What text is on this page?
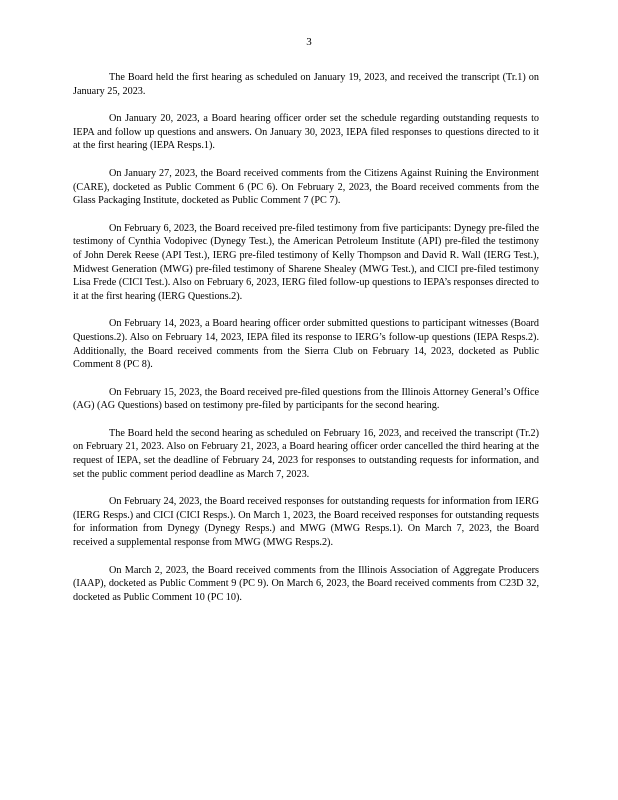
3

The Board held the first hearing as scheduled on January 19, 2023, and received the transcript (Tr.1) on January 25, 2023.

On January 20, 2023, a Board hearing officer order set the schedule regarding outstanding requests to IEPA and follow up questions and answers. On January 30, 2023, IEPA filed responses to questions directed to it at the first hearing (IEPA Resps.1).

On January 27, 2023, the Board received comments from the Citizens Against Ruining the Environment (CARE), docketed as Public Comment 6 (PC 6). On February 2, 2023, the Board received comments from the Glass Packaging Institute, docketed as Public Comment 7 (PC 7).

On February 6, 2023, the Board received pre-filed testimony from five participants: Dynegy pre-filed the testimony of Cynthia Vodopivec (Dynegy Test.), the American Petroleum Institute (API) pre-filed the testimony of John Derek Reese (API Test.), IERG pre-filed testimony of Kelly Thompson and David R. Wall (IERG Test.), Midwest Generation (MWG) pre-filed testimony of Sharene Shealey (MWG Test.), and CICI pre-filed testimony Lisa Frede (CICI Test.). Also on February 6, 2023, IERG filed follow-up questions to IEPA’s responses directed to it at the first hearing (IERG Questions.2).

On February 14, 2023, a Board hearing officer order submitted questions to participant witnesses (Board Questions.2). Also on February 14, 2023, IEPA filed its response to IERG’s follow-up questions (IEPA Resps.2). Additionally, the Board received comments from the Sierra Club on February 14, 2023, docketed as Public Comment 8 (PC 8).

On February 15, 2023, the Board received pre-filed questions from the Illinois Attorney General’s Office (AG) (AG Questions) based on testimony pre-filed by participants for the second hearing.

The Board held the second hearing as scheduled on February 16, 2023, and received the transcript (Tr.2) on February 21, 2023. Also on February 21, 2023, a Board hearing officer order cancelled the third hearing at the request of IEPA, set the deadline of February 24, 2023 for responses to outstanding requests for information, and set the public comment period deadline as March 7, 2023.

On February 24, 2023, the Board received responses for outstanding requests for information from IERG (IERG Resps.) and CICI (CICI Resps.). On March 1, 2023, the Board received responses for outstanding requests for information from Dynegy (Dynegy Resps.) and MWG (MWG Resps.1). On March 7, 2023, the Board received a supplemental response from MWG (MWG Resps.2).

On March 2, 2023, the Board received comments from the Illinois Association of Aggregate Producers (IAAP), docketed as Public Comment 9 (PC 9). On March 6, 2023, the Board received comments from C23D 32, docketed as Public Comment 10 (PC 10).
